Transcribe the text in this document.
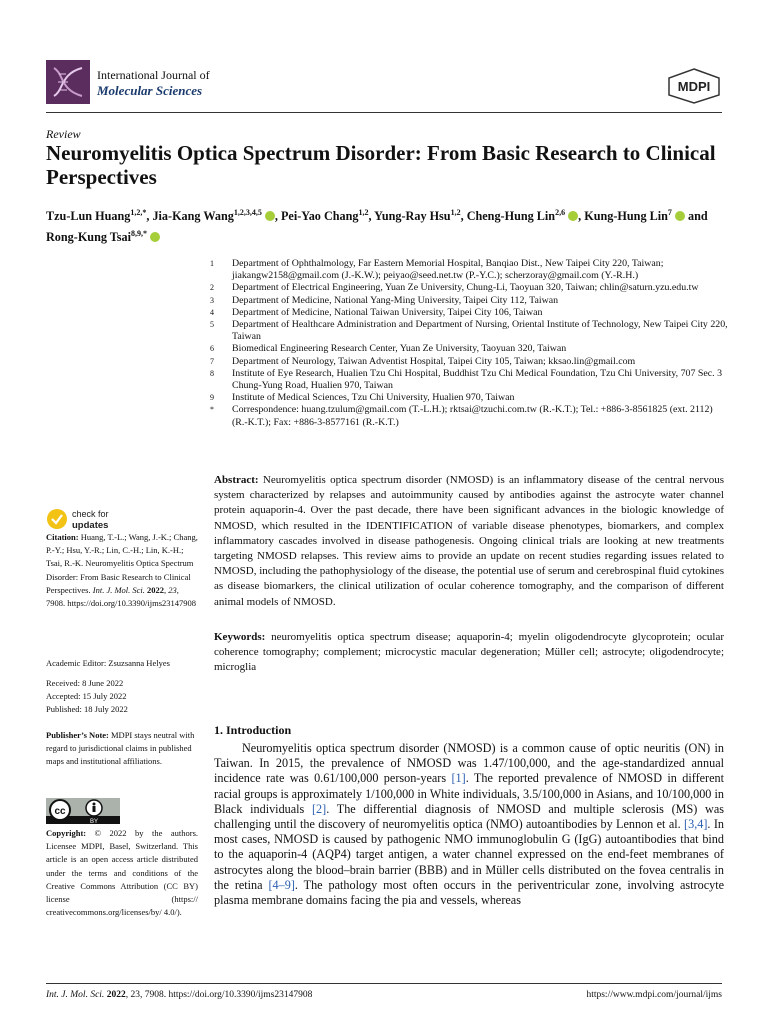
International Journal of
Molecular Sciences	MDPI
Review
Neuromyelitis Optica Spectrum Disorder: From Basic Research to Clinical Perspectives
Tzu-Lun Huang$^{1,2,*}$, Jia-Kang Wang$^{1,2,3,4,5}$ , Pei-Yao Chang$^{1,2}$, Yung-Ray Hsu$^{1,2}$, Cheng-Hung Lin$^{2,6}$ , Kung-Hung Lin$^7$  and Rong-Kung Tsai$^{8,9,*}$
1	Department of Ophthalmology, Far Eastern Memorial Hospital, Banqiao Dist., New Taipei City 220, Taiwan; jiakangw2158@gmail.com (J.-K.W.); peiyao@seed.net.tw (P.-Y.C.); scherzoray@gmail.com (Y.-R.H.)
2	Department of Electrical Engineering, Yuan Ze University, Chung-Li, Taoyuan 320, Taiwan; chlin@saturn.yzu.edu.tw
3	Department of Medicine, National Yang-Ming University, Taipei City 112, Taiwan
4	Department of Medicine, National Taiwan University, Taipei City 106, Taiwan
5	Department of Healthcare Administration and Department of Nursing, Oriental Institute of Technology, New Taipei City 220, Taiwan
6	Biomedical Engineering Research Center, Yuan Ze University, Taoyuan 320, Taiwan
7	Department of Neurology, Taiwan Adventist Hospital, Taipei City 105, Taiwan; kksao.lin@gmail.com
8	Institute of Eye Research, Hualien Tzu Chi Hospital, Buddhist Tzu Chi Medical Foundation, Tzu Chi University, 707 Sec. 3 Chung-Yung Road, Hualien 970, Taiwan
9	Institute of Medical Sciences, Tzu Chi University, Hualien 970, Taiwan
*	Correspondence: huang.tzulum@gmail.com (T.-L.H.); rktsai@tzuchi.com.tw (R.-K.T.); Tel.: +886-3-8561825 (ext. 2112) (R.-K.T.); Fax: +886-3-8577161 (R.-K.T.)
check for
updates
Citation: Huang, T.-L.; Wang, J.-K.; Chang, P.-Y.; Hsu, Y.-R.; Lin, C.-H.; Lin, K.-H.; Tsai, R.-K. Neuromyelitis Optica Spectrum Disorder: From Basic Research to Clinical Perspectives. Int. J. Mol. Sci. 2022, 23, 7908. https://doi.org/10.3390/ijms23147908
Academic Editor: Zsuzsanna Helyes
Received: 8 June 2022
Accepted: 15 July 2022
Published: 18 July 2022
Publisher’s Note: MDPI stays neutral with regard to jurisdictional claims in published maps and institutional affiliations.
cc
BY
Copyright: © 2022 by the authors. Licensee MDPI, Basel, Switzerland. This article is an open access article distributed under the terms and conditions of the Creative Commons Attribution (CC BY) license (https:// creativecommons.org/licenses/by/ 4.0/).
Abstract: Neuromyelitis optica spectrum disorder (NMOSD) is an inflammatory disease of the central nervous system characterized by relapses and autoimmunity caused by antibodies against the astrocyte water channel protein aquaporin-4. Over the past decade, there have been significant advances in the biologic knowledge of NMOSD, which resulted in the IDENTIFICATION of variable disease phenotypes, biomarkers, and complex inflammatory cascades involved in disease pathogenesis. Ongoing clinical trials are looking at new treatments targeting NMOSD relapses. This review aims to provide an update on recent studies regarding issues related to NMOSD, including the pathophysiology of the disease, the potential use of serum and cerebrospinal fluid cytokines as disease biomarkers, the clinical utilization of ocular coherence tomography, and the comparison of different animal models of NMOSD.
Keywords: neuromyelitis optica spectrum disease; aquaporin-4; myelin oligodendrocyte glycoprotein; ocular coherence tomography; complement; microcystic macular degeneration; Müller cell; astrocyte; oligodendrocyte; microglia
1. Introduction
Neuromyelitis optica spectrum disorder (NMOSD) is a common cause of optic neuritis (ON) in Taiwan. In 2015, the prevalence of NMOSD was 1.47/100,000, and the age-standardized annual incidence rate was 0.61/100,000 person-years [1]. The reported prevalence of NMOSD in different racial groups is approximately 1/100,000 in White individuals, 3.5/100,000 in Asians, and 10/100,000 in Black individuals [2]. The differential diagnosis of NMOSD and multiple sclerosis (MS) was challenging until the discovery of neuromyelitis optica (NMO) autoantibodies by Lennon et al. [3,4]. In most cases, NMOSD is caused by pathogenic NMO immunoglobulin G (IgG) autoantibodies that bind to the aquaporin-4 (AQP4) target antigen, a water channel expressed on the end-feet membranes of astrocytes along the blood–brain barrier (BBB) and in Müller cells distributed on the fovea centralis in the retina [4–9]. The pathology most often occurs in the periventricular zone, involving astrocyte plasma membrane domains facing the pia and vessels, whereas
Int. J. Mol. Sci. 2022, 23, 7908. https://doi.org/10.3390/ijms23147908	https://www.mdpi.com/journal/ijms
